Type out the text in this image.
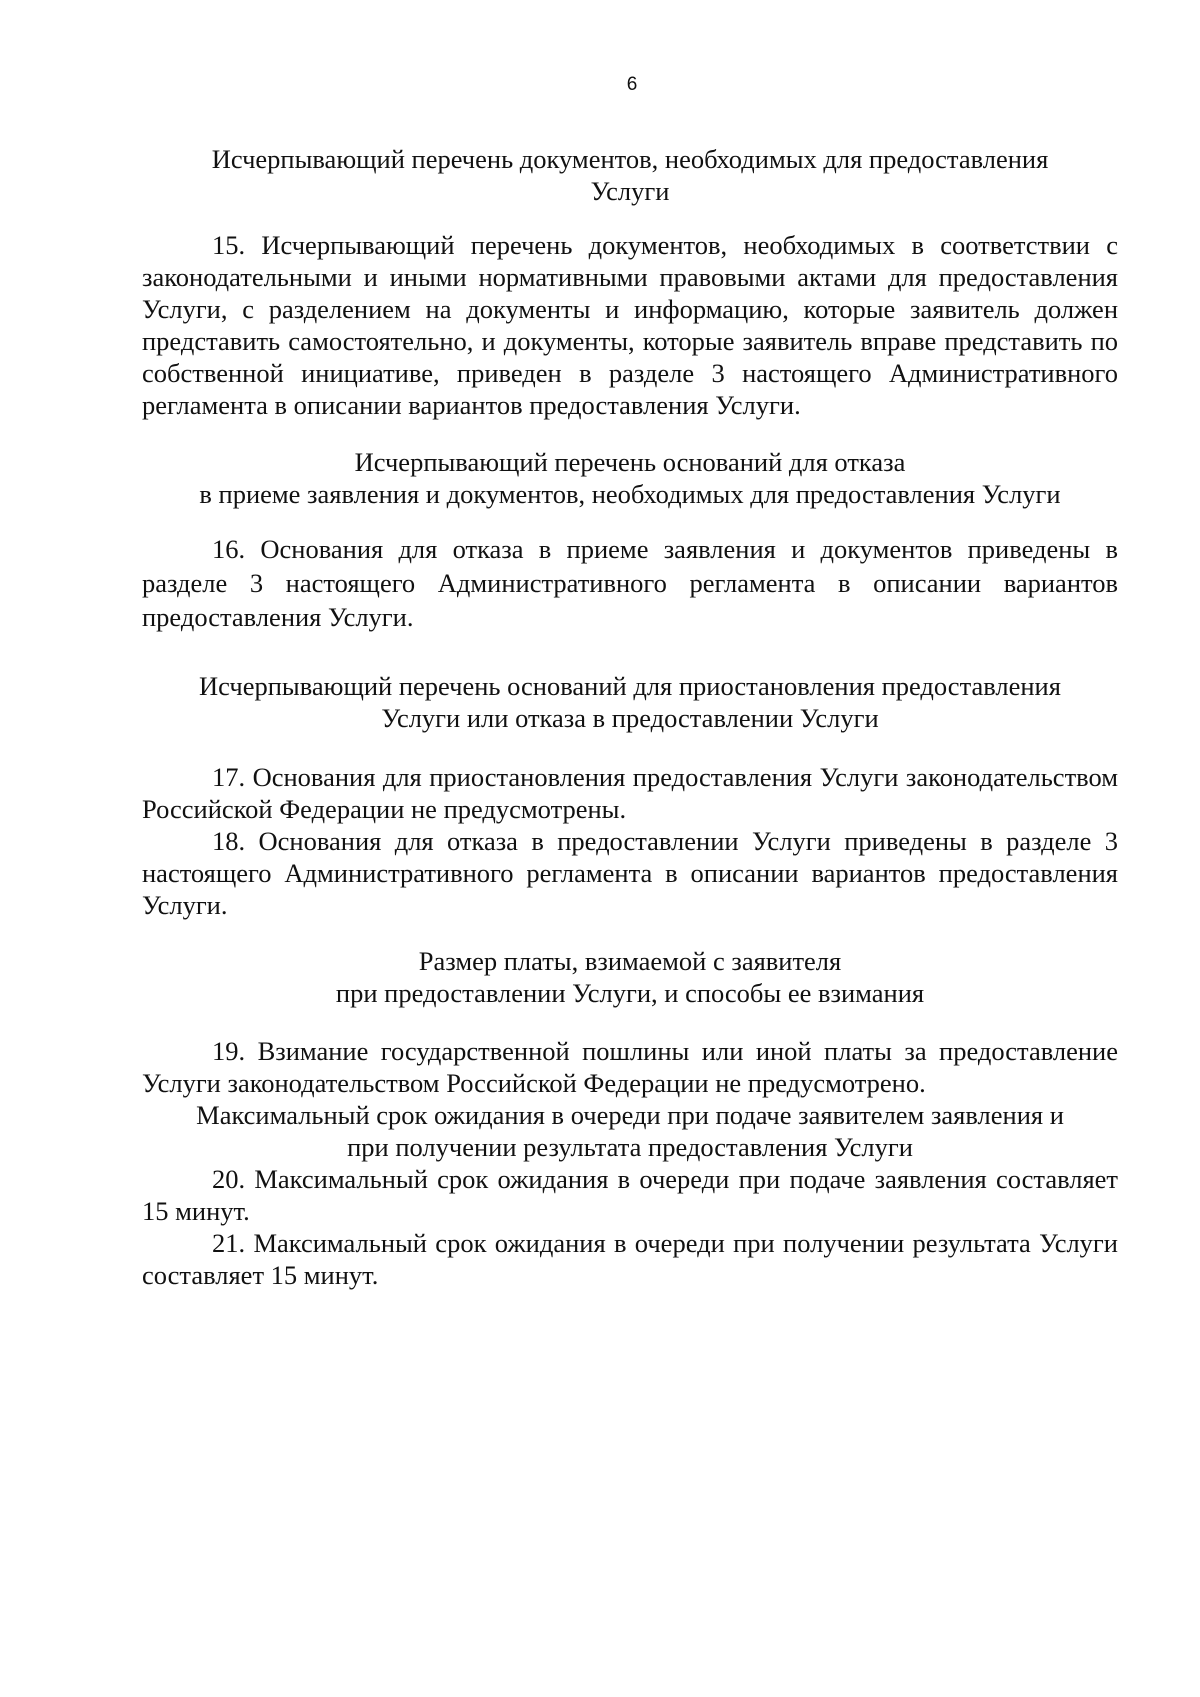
6
Исчерпывающий перечень документов, необходимых для предоставления
Услуги

15. Исчерпывающий перечень документов, необходимых в соответствии с законодательными и иными нормативными правовыми актами для предоставления Услуги, с разделением на документы и информацию, которые заявитель должен представить самостоятельно, и документы, которые заявитель вправе представить по собственной инициативе, приведен в разделе 3 настоящего Административного регламента в описании вариантов предоставления Услуги.

Исчерпывающий перечень оснований для отказа
в приеме заявления и документов, необходимых для предоставления Услуги

16. Основания для отказа в приеме заявления и документов приведены в разделе 3 настоящего Административного регламента в описании вариантов предоставления Услуги.

Исчерпывающий перечень оснований для приостановления предоставления
Услуги или отказа в предоставлении Услуги

17. Основания для приостановления предоставления Услуги законодательством Российской Федерации не предусмотрены.

18. Основания для отказа в предоставлении Услуги приведены в разделе 3 настоящего Административного регламента в описании вариантов предоставления Услуги.

Размер платы, взимаемой с заявителя
при предоставлении Услуги, и способы ее взимания

19. Взимание государственной пошлины или иной платы за предоставление Услуги законодательством Российской Федерации не предусмотрено.

Максимальный срок ожидания в очереди при подаче заявителем заявления и
при получении результата предоставления Услуги

20. Максимальный срок ожидания в очереди при подаче заявления составляет 15 минут.

21. Максимальный срок ожидания в очереди при получении результата Услуги составляет 15 минут.
